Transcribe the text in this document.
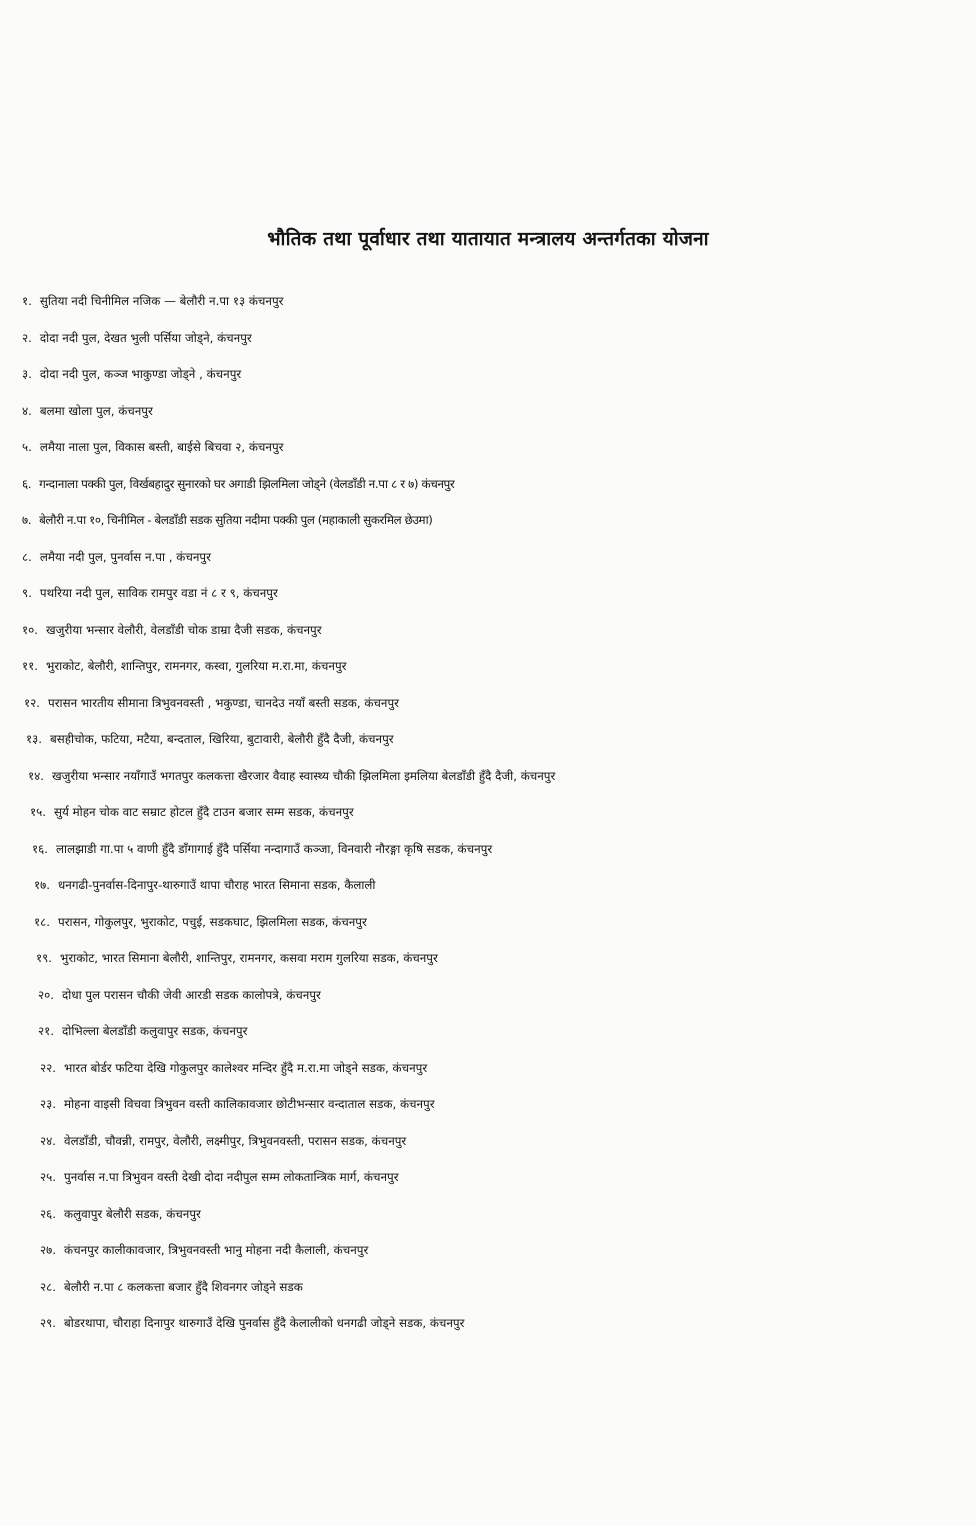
भौतिक तथा पूर्वाधार तथा यातायात मन्त्रालय अन्तर्गतका योजना
१. सुतिया नदी चिनीमिल नजिक — बेलौरी न.पा १३ कंचनपुर
२. दोदा नदी पुल, देखत भुली पर्सिया जोड्ने, कंचनपुर
३. दोदा नदी पुल, कञ्ज भाकुण्डा जोड्ने , कंचनपुर
४. बलमा खोला पुल, कंचनपुर
५. लमैया नाला पुल, विकास बस्ती, बाईसे बिचवा २, कंचनपुर
६. गन्दानाला पक्की पुल, विर्खबहादुर सुनारको घर अगाडी झिलमिला जोड्ने (वेलडाँडी न.पा ८ र ७) कंचनपुर
७. बेलौरी न.पा १०, चिनीमिल - बेलडाँडी सडक सुतिया नदीमा पक्की पुल (महाकाली सुकरमिल छेउमा)
८. लमैया नदी पुल, पुनर्वास न.पा , कंचनपुर
९. पथरिया नदी पुल, साविक रामपुर वडा नं ८ र ९, कंचनपुर
१०. खजुरीया भन्सार वेलौरी, वेलडाँडी चोक डाम्रा दैजी सडक, कंचनपुर
११. भुराकोट, बेलौरी, शान्तिपुर, रामनगर, कस्वा, गुलरिया म.रा.मा, कंचनपुर
१२. परासन भारतीय सीमाना त्रिभुवनवस्ती , भकुण्डा, चानदेउ नयाँ बस्ती सडक, कंचनपुर
१३. बसहीचोक, फटिया, मटैया, बन्दताल, खिरिया, बुटावारी, बेलौरी हुँदै दैजी, कंचनपुर
१४. खजुरीया भन्सार नयाँगाउँ भगतपुर कलकत्ता खैरजार वैवाह स्वास्थ्य चौकी झिलमिला इमलिया बेलडाँडी हुँदै दैजी, कंचनपुर
१५. सुर्य मोहन चोक वाट सम्राट होटल हुँदै टाउन बजार सम्म सडक, कंचनपुर
१६. लालझाडी गा.पा ५ वाणी हुँदै डाँगागाई हुँदै पर्सिया नन्दागाउँ कञ्जा, विनवारी नौरङ्गा कृषि सडक, कंचनपुर
१७. धनगढी-पुनर्वास-दिनापुर-थारुगाउँ थापा चौराह भारत सिमाना सडक, कैलाली
१८. परासन, गोकुलपुर, भुराकोट, पचुई, सडकघाट, झिलमिला सडक, कंचनपुर
१९. भुराकोट, भारत सिमाना बेलौरी, शान्तिपुर, रामनगर, कसवा मराम गुलरिया सडक, कंचनपुर
२०. दोधा पुल परासन चौकी जेवी आरडी सडक कालोपत्रे, कंचनपुर
२१. दोभिल्ला बेलडाँडी कलुवापुर सडक, कंचनपुर
२२. भारत बोर्डर फटिया देखि गोकुलपुर कालेश्वर मन्दिर हुँदै म.रा.मा जोड्ने सडक, कंचनपुर
२३. मोहना वाइसी विचवा त्रिभुवन वस्ती कालिकावजार छोटीभन्सार वन्दाताल सडक, कंचनपुर
२४. वेलडाँडी, चौवन्नी, रामपुर, वेलौरी, लक्ष्मीपुर, त्रिभुवनवस्ती, परासन सडक, कंचनपुर
२५. पुनर्वास न.पा त्रिभुवन वस्ती देखी दोदा नदीपुल सम्म लोकतान्त्रिक मार्ग, कंचनपुर
२६. कलुवापुर बेलौरी सडक, कंचनपुर
२७. कंचनपुर कालीकावजार, त्रिभुवनवस्ती भानु मोहना नदी कैलाली, कंचनपुर
२८. बेलौरी न.पा ८ कलकत्ता बजार हुँदै शिवनगर जोड्ने सडक
२९. बोडरथापा, चौराहा दिनापुर थारुगाउँ देखि पुनर्वास हुँदै केलालीको धनगढी जोड्ने सडक, कंचनपुर
